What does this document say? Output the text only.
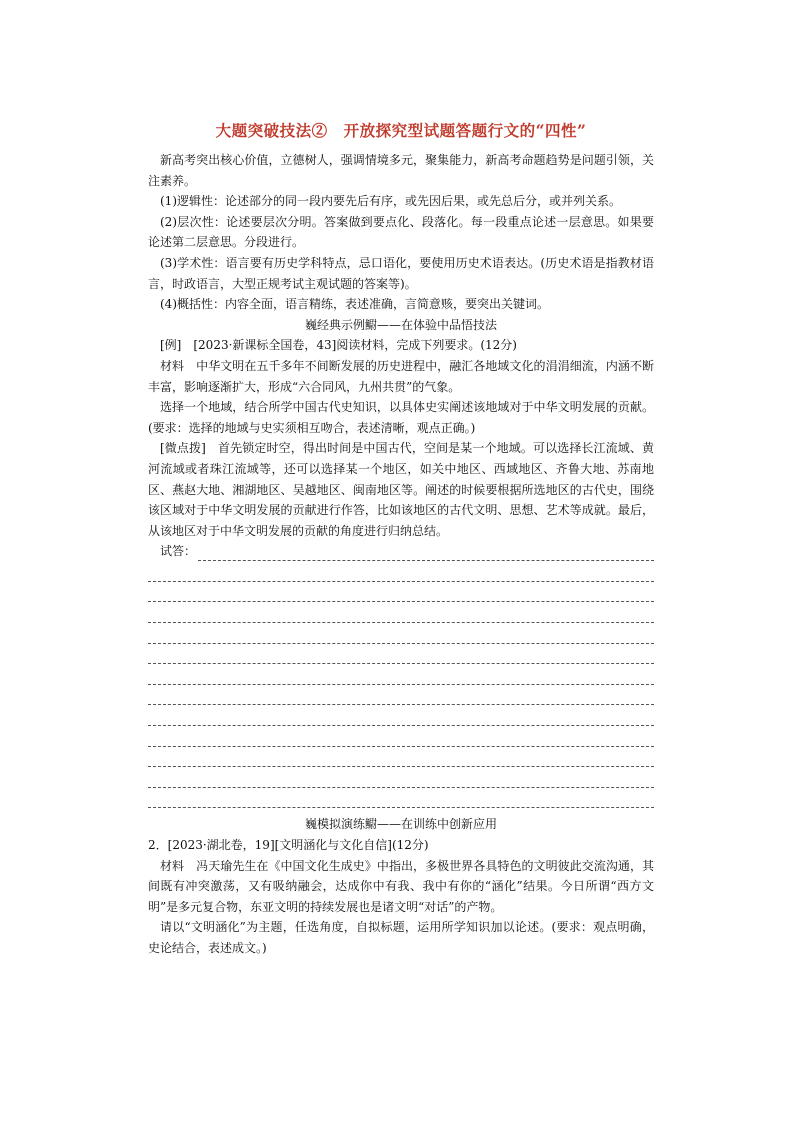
大题突破技法②　开放探究型试题答题行文的“四性”

新高考突出核心价值，立德树人，强调情境多元，聚集能力，新高考命题趋势是问题引领，关注素养。

(1)逻辑性：论述部分的同一段内要先后有序，或先因后果，或先总后分，或并列关系。

(2)层次性：论述要层次分明。答案做到要点化、段落化。每一段重点论述一层意思。如果要论述第二层意思。分段进行。

(3)学术性：语言要有历史学科特点，忌口语化，要使用历史术语表达。(历史术语是指教材语言，时政语言，大型正规考试主观试题的答案等)。

(4)概括性：内容全面，语言精练，表述准确，言简意赅，要突出关键词。

巍经典示例鳚——在体验中品悟技法

[例]　[2023·新课标全国卷，43]阅读材料，完成下列要求。(12分)

材料　中华文明在五千多年不间断发展的历史进程中，融汇各地域文化的涓涓细流，内涵不断丰富，影响逐渐扩大，形成“六合同风，九州共贯”的气象。

选择一个地域，结合所学中国古代史知识，以具体史实阐述该地域对于中华文明发展的贡献。(要求：选择的地域与史实须相互吻合，表述清晰，观点正确。)

[微点拨]　首先锁定时空，得出时间是中国古代，空间是某一个地域。可以选择长江流域、黄河流域或者珠江流域等，还可以选择某一个地区，如关中地区、西域地区、齐鲁大地、苏南地区、燕赵大地、湘湖地区、吴越地区、闽南地区等。阐述的时候要根据所选地区的古代史，围绕该区域对于中华文明发展的贡献进行作答，比如该地区的古代文明、思想、艺术等成就。最后，从该地区对于中华文明发展的贡献的角度进行归纳总结。

试答：

巍模拟演练鳚——在训练中创新应用

2．[2023·湖北卷，19][文明涵化与文化自信](12分)

材料　冯天瑜先生在《中国文化生成史》中指出，多极世界各具特色的文明彼此交流沟通，其间既有冲突激荡，又有吸纳融会，达成你中有我、我中有你的“涵化”结果。今日所谓“西方文明”是多元复合物，东亚文明的持续发展也是诸文明“对话”的产物。

请以“文明涵化”为主题，任选角度，自拟标题，运用所学知识加以论述。(要求：观点明确，史论结合，表述成文。)
